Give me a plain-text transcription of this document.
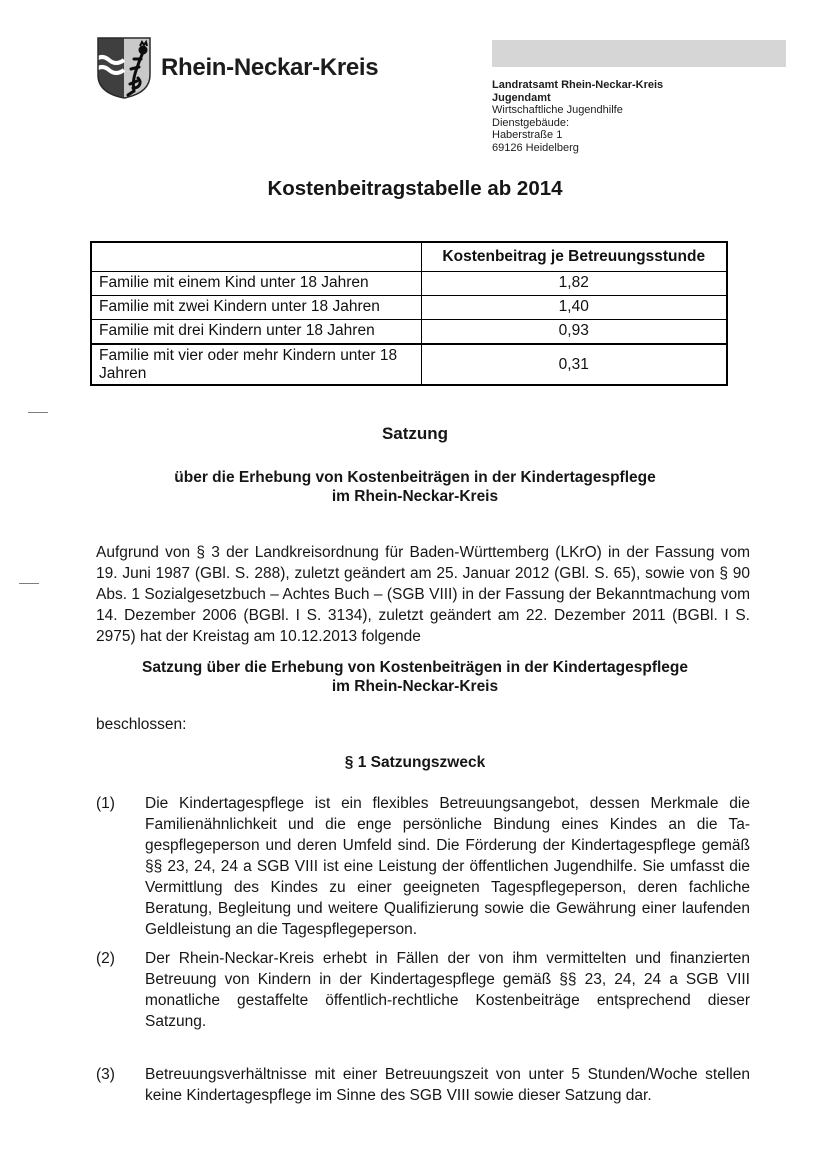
Rhein-Neckar-Kreis
Landratsamt Rhein-Neckar-Kreis
Jugendamt
Wirtschaftliche Jugendhilfe
Dienstgebäude:
Haberstraße 1
69126 Heidelberg
Kostenbeitragstabelle ab 2014
	Kostenbeitrag je Betreuungsstunde
Familie mit einem Kind unter 18 Jahren	1,82
Familie mit zwei Kindern unter 18 Jahren	1,40
Familie mit drei Kindern unter 18 Jahren	0,93
Familie mit vier oder mehr Kindern unter 18 Jahren	0,31
Satzung
über die Erhebung von Kostenbeiträgen in der Kindertagespflege
im Rhein-Neckar-Kreis
Aufgrund von § 3 der Landkreisordnung für Baden-Württemberg (LKrO) in der Fassung vom 19. Juni 1987 (GBl. S. 288), zuletzt geändert am 25. Januar 2012 (GBl. S. 65), sowie von § 90 Abs. 1 Sozialgesetzbuch – Achtes Buch – (SGB VIII) in der Fassung der Bekanntmachung vom 14. Dezember 2006 (BGBl. I S. 3134), zuletzt geändert am 22. Dezember 2011 (BGBl. I S. 2975) hat der Kreistag am 10.12.2013 folgende
Satzung über die Erhebung von Kostenbeiträgen in der Kindertagespflege
im Rhein-Neckar-Kreis
beschlossen:
§ 1 Satzungszweck
(1) Die Kindertagespflege ist ein flexibles Betreuungsangebot, dessen Merkmale die Familienähnlichkeit und die enge persönliche Bindung eines Kindes an die Tagespflegeperson und deren Umfeld sind. Die Förderung der Kindertagespflege gemäß §§ 23, 24, 24 a SGB VIII ist eine Leistung der öffentlichen Jugendhilfe. Sie umfasst die Vermittlung des Kindes zu einer geeigneten Tagespflegeperson, deren fachliche Beratung, Begleitung und weitere Qualifizierung sowie die Gewährung einer laufenden Geldleistung an die Tagespflegeperson.
(2) Der Rhein-Neckar-Kreis erhebt in Fällen der von ihm vermittelten und finanzierten Betreuung von Kindern in der Kindertagespflege gemäß §§ 23, 24, 24 a SGB VIII monatliche gestaffelte öffentlich-rechtliche Kostenbeiträge entsprechend dieser Satzung.
(3) Betreuungsverhältnisse mit einer Betreuungszeit von unter 5 Stunden/Woche stellen keine Kindertagespflege im Sinne des SGB VIII sowie dieser Satzung dar.
